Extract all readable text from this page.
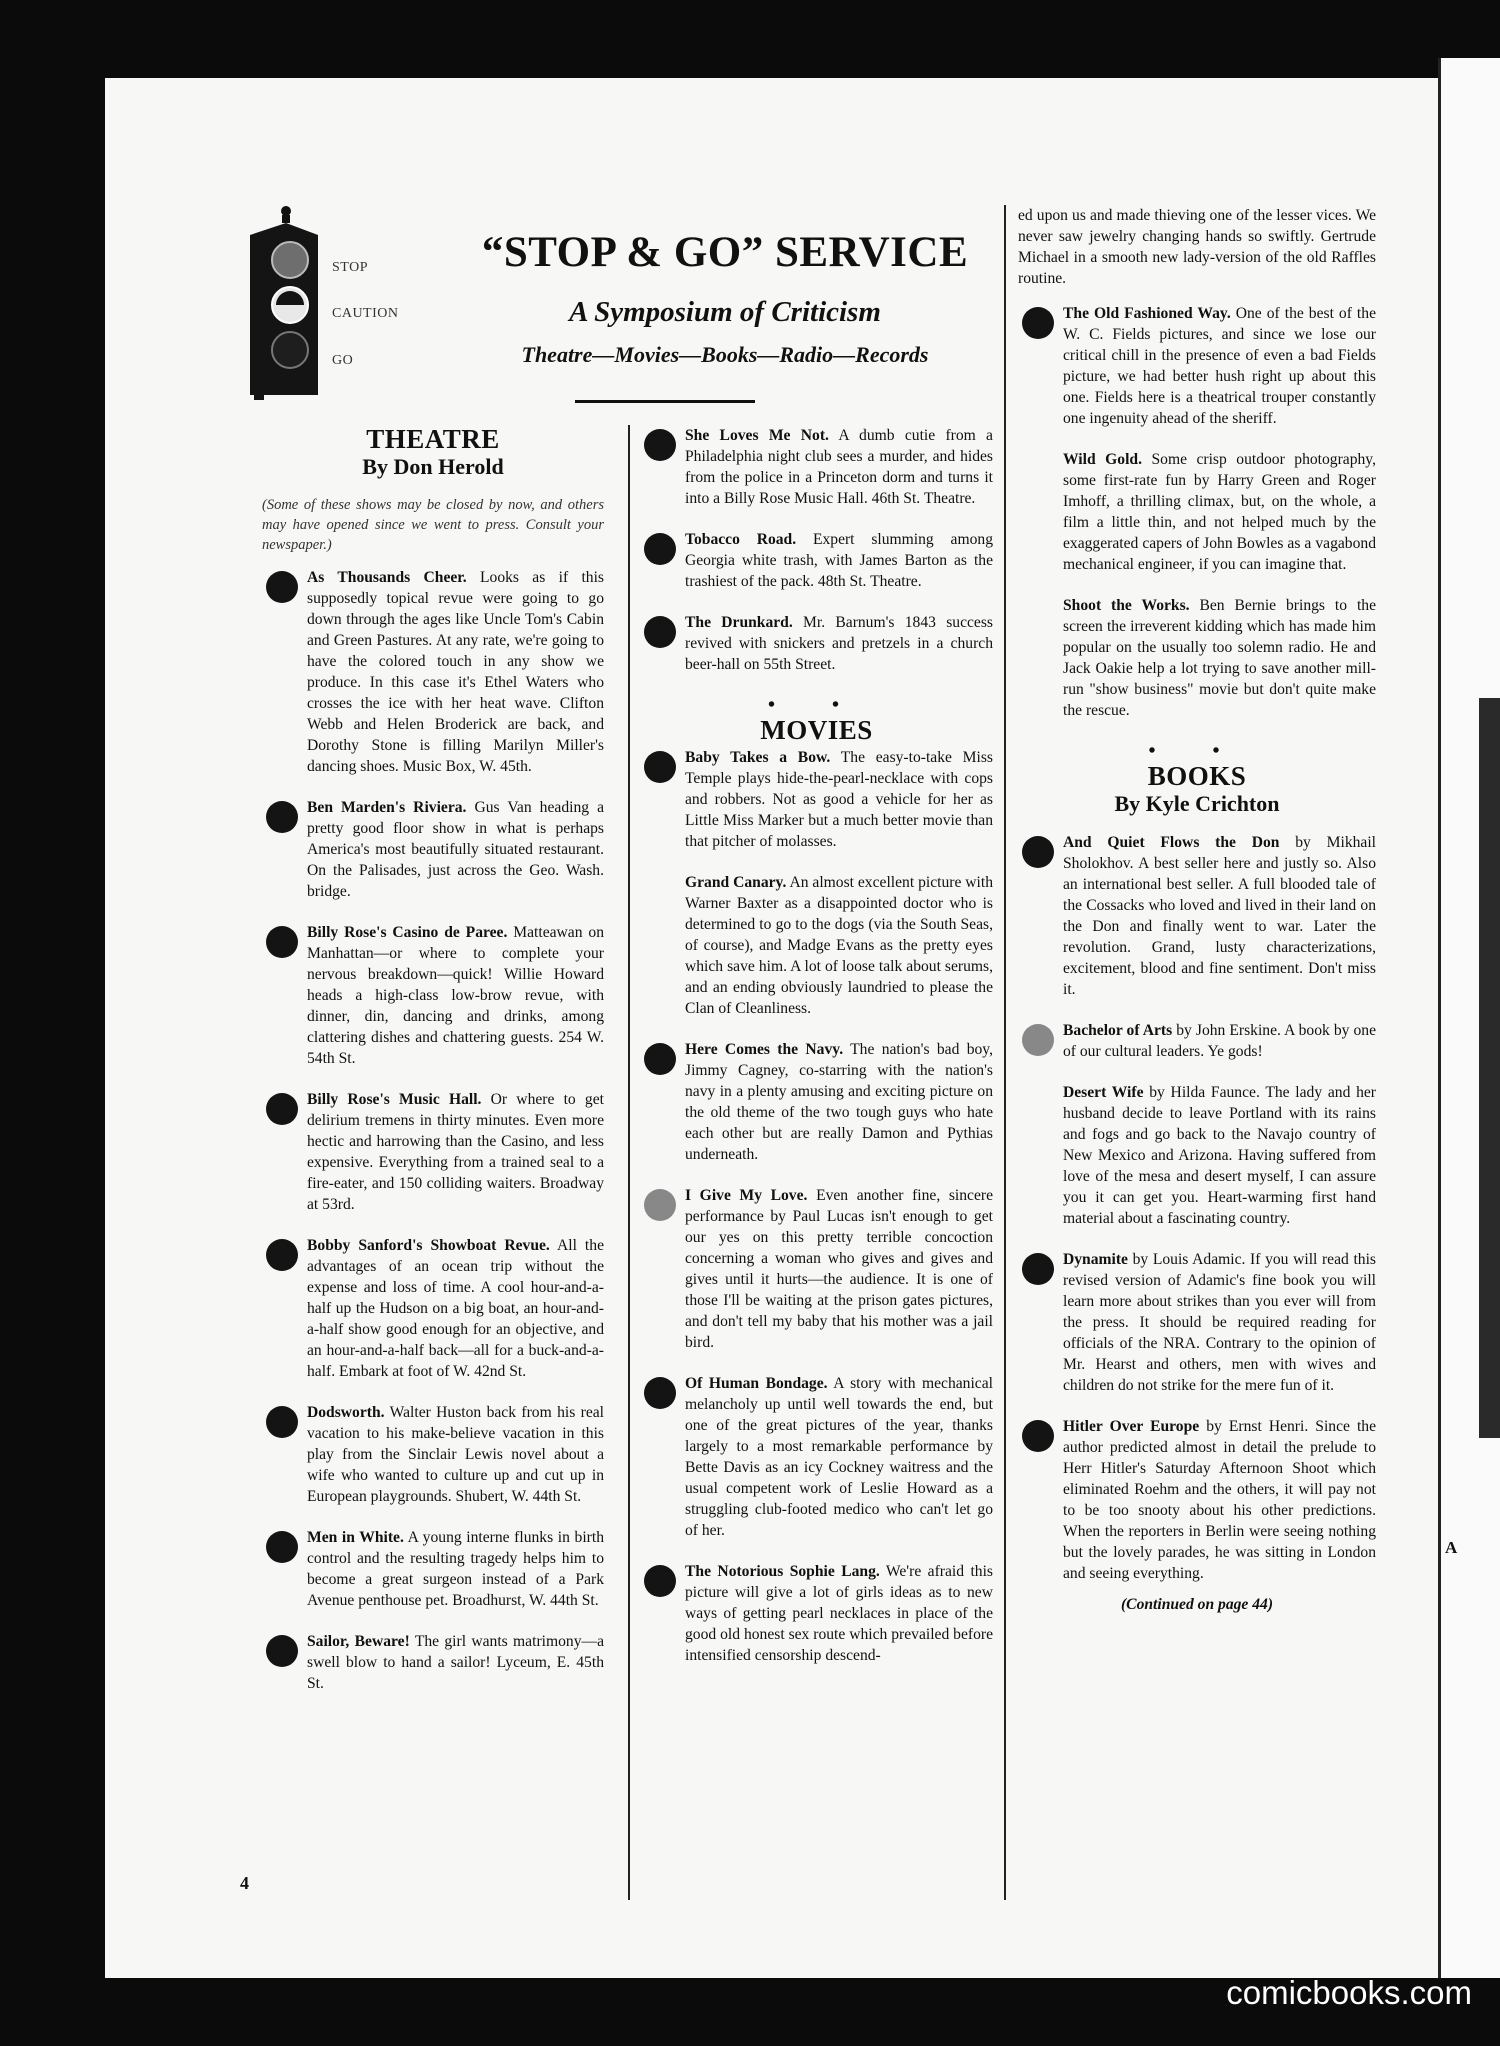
A
STOP
CAUTION
GO
“STOP & GO” SERVICE
A Symposium of Criticism
Theatre—Movies—Books—Radio—Records
THEATRE
By Don Herold
(Some of these shows may be closed by now, and others may have opened since we went to press. Consult your newspaper.)
As Thousands Cheer. Looks as if this supposedly topical revue were going to go down through the ages like Uncle Tom's Cabin and Green Pastures. At any rate, we're going to have the colored touch in any show we produce. In this case it's Ethel Waters who crosses the ice with her heat wave. Clifton Webb and Helen Broderick are back, and Dorothy Stone is filling Marilyn Miller's dancing shoes. Music Box, W. 45th.
Ben Marden's Riviera. Gus Van heading a pretty good floor show in what is perhaps America's most beautifully situated restaurant. On the Palisades, just across the Geo. Wash. bridge.
Billy Rose's Casino de Paree. Matteawan on Manhattan—or where to complete your nervous breakdown—quick! Willie Howard heads a high-class low-brow revue, with dinner, din, dancing and drinks, among clattering dishes and chattering guests. 254 W. 54th St.
Billy Rose's Music Hall. Or where to get delirium tremens in thirty minutes. Even more hectic and harrowing than the Casino, and less expensive. Everything from a trained seal to a fire-eater, and 150 colliding waiters. Broadway at 53rd.
Bobby Sanford's Showboat Revue. All the advantages of an ocean trip without the expense and loss of time. A cool hour-and-a-half up the Hudson on a big boat, an hour-and-a-half show good enough for an objective, and an hour-and-a-half back—all for a buck-and-a-half. Embark at foot of W. 42nd St.
Dodsworth. Walter Huston back from his real vacation to his make-believe vacation in this play from the Sinclair Lewis novel about a wife who wanted to culture up and cut up in European playgrounds. Shubert, W. 44th St.
Men in White. A young interne flunks in birth control and the resulting tragedy helps him to become a great surgeon instead of a Park Avenue penthouse pet. Broadhurst, W. 44th St.
Sailor, Beware! The girl wants matrimony—a swell blow to hand a sailor! Lyceum, E. 45th St.
She Loves Me Not. A dumb cutie from a Philadelphia night club sees a murder, and hides from the police in a Princeton dorm and turns it into a Billy Rose Music Hall. 46th St. Theatre.
Tobacco Road. Expert slumming among Georgia white trash, with James Barton as the trashiest of the pack. 48th St. Theatre.
The Drunkard. Mr. Barnum's 1843 success revived with snickers and pretzels in a church beer-hall on 55th Street.
• •
MOVIES
Baby Takes a Bow. The easy-to-take Miss Temple plays hide-the-pearl-necklace with cops and robbers. Not as good a vehicle for her as Little Miss Marker but a much better movie than that pitcher of molasses.
Grand Canary. An almost excellent picture with Warner Baxter as a disappointed doctor who is determined to go to the dogs (via the South Seas, of course), and Madge Evans as the pretty eyes which save him. A lot of loose talk about serums, and an ending obviously laundried to please the Clan of Cleanliness.
Here Comes the Navy. The nation's bad boy, Jimmy Cagney, co-starring with the nation's navy in a plenty amusing and exciting picture on the old theme of the two tough guys who hate each other but are really Damon and Pythias underneath.
I Give My Love. Even another fine, sincere performance by Paul Lucas isn't enough to get our yes on this pretty terrible concoction concerning a woman who gives and gives and gives until it hurts—the audience. It is one of those I'll be waiting at the prison gates pictures, and don't tell my baby that his mother was a jail bird.
Of Human Bondage. A story with mechanical melancholy up until well towards the end, but one of the great pictures of the year, thanks largely to a most remarkable performance by Bette Davis as an icy Cockney waitress and the usual competent work of Leslie Howard as a struggling club-footed medico who can't let go of her.
The Notorious Sophie Lang. We're afraid this picture will give a lot of girls ideas as to new ways of getting pearl necklaces in place of the good old honest sex route which prevailed before intensified censorship descend-
ed upon us and made thieving one of the lesser vices. We never saw jewelry changing hands so swiftly. Gertrude Michael in a smooth new lady-version of the old Raffles routine.
The Old Fashioned Way. One of the best of the W. C. Fields pictures, and since we lose our critical chill in the presence of even a bad Fields picture, we had better hush right up about this one. Fields here is a theatrical trouper constantly one ingenuity ahead of the sheriff.
Wild Gold. Some crisp outdoor photography, some first-rate fun by Harry Green and Roger Imhoff, a thrilling climax, but, on the whole, a film a little thin, and not helped much by the exaggerated capers of John Bowles as a vagabond mechanical engineer, if you can imagine that.
Shoot the Works. Ben Bernie brings to the screen the irreverent kidding which has made him popular on the usually too solemn radio. He and Jack Oakie help a lot trying to save another mill-run "show business" movie but don't quite make the rescue.
• •
BOOKS
By Kyle Crichton
And Quiet Flows the Don by Mikhail Sholokhov. A best seller here and justly so. Also an international best seller. A full blooded tale of the Cossacks who loved and lived in their land on the Don and finally went to war. Later the revolution. Grand, lusty characterizations, excitement, blood and fine sentiment. Don't miss it.
Bachelor of Arts by John Erskine. A book by one of our cultural leaders. Ye gods!
Desert Wife by Hilda Faunce. The lady and her husband decide to leave Portland with its rains and fogs and go back to the Navajo country of New Mexico and Arizona. Having suffered from love of the mesa and desert myself, I can assure you it can get you. Heart-warming first hand material about a fascinating country.
Dynamite by Louis Adamic. If you will read this revised version of Adamic's fine book you will learn more about strikes than you ever will from the press. It should be required reading for officials of the NRA. Contrary to the opinion of Mr. Hearst and others, men with wives and children do not strike for the mere fun of it.
Hitler Over Europe by Ernst Henri. Since the author predicted almost in detail the prelude to Herr Hitler's Saturday Afternoon Shoot which eliminated Roehm and the others, it will pay not to be too snooty about his other predictions. When the reporters in Berlin were seeing nothing but the lovely parades, he was sitting in London and seeing everything.
(Continued on page 44)
4
comicbooks.com
